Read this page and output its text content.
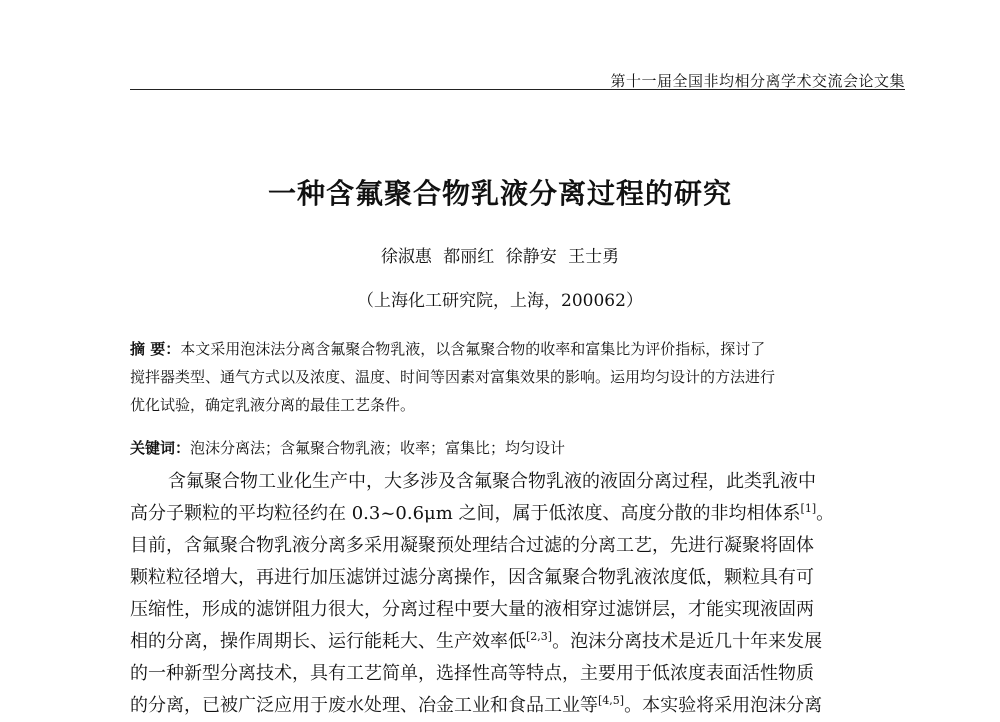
第十一届全国非均相分离学术交流会论文集
一种含氟聚合物乳液分离过程的研究
徐淑惠 都丽红 徐静安 王士勇
（上海化工研究院，上海，200062）
摘 要：本文采用泡沫法分离含氟聚合物乳液，以含氟聚合物的收率和富集比为评价指标，探讨了
搅拌器类型、通气方式以及浓度、温度、时间等因素对富集效果的影响。运用均匀设计的方法进行
优化试验，确定乳液分离的最佳工艺条件。
关键词：泡沫分离法；含氟聚合物乳液；收率；富集比；均匀设计
含氟聚合物工业化生产中，大多涉及含氟聚合物乳液的液固分离过程，此类乳液中
高分子颗粒的平均粒径约在 0.3~0.6μm 之间，属于低浓度、高度分散的非均相体系[1]。
目前，含氟聚合物乳液分离多采用凝聚预处理结合过滤的分离工艺，先进行凝聚将固体
颗粒粒径增大，再进行加压滤饼过滤分离操作，因含氟聚合物乳液浓度低，颗粒具有可
压缩性，形成的滤饼阻力很大，分离过程中要大量的液相穿过滤饼层，才能实现液固两
相的分离，操作周期长、运行能耗大、生产效率低[2,3]。泡沫分离技术是近几十年来发展
的一种新型分离技术，具有工艺简单，选择性高等特点，主要用于低浓度表面活性物质
的分离，已被广泛应用于废水处理、冶金工业和食品工业等[4,5]。本实验将采用泡沫分离
